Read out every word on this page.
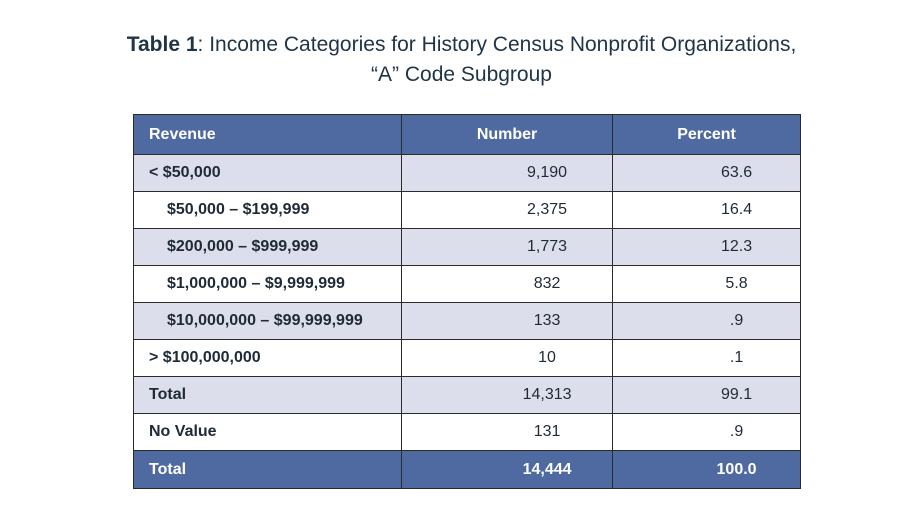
Table 1: Income Categories for History Census Nonprofit Organizations,
“A” Code Subgroup
Revenue	Number	Percent
< $50,000	9,190	63.6
$50,000 – $199,999	2,375	16.4
$200,000 – $999,999	1,773	12.3
$1,000,000 – $9,999,999	832	5.8
$10,000,000 – $99,999,999	133	.9
> $100,000,000	10	.1
Total	14,313	99.1
No Value	131	.9
Total	14,444	100.0
